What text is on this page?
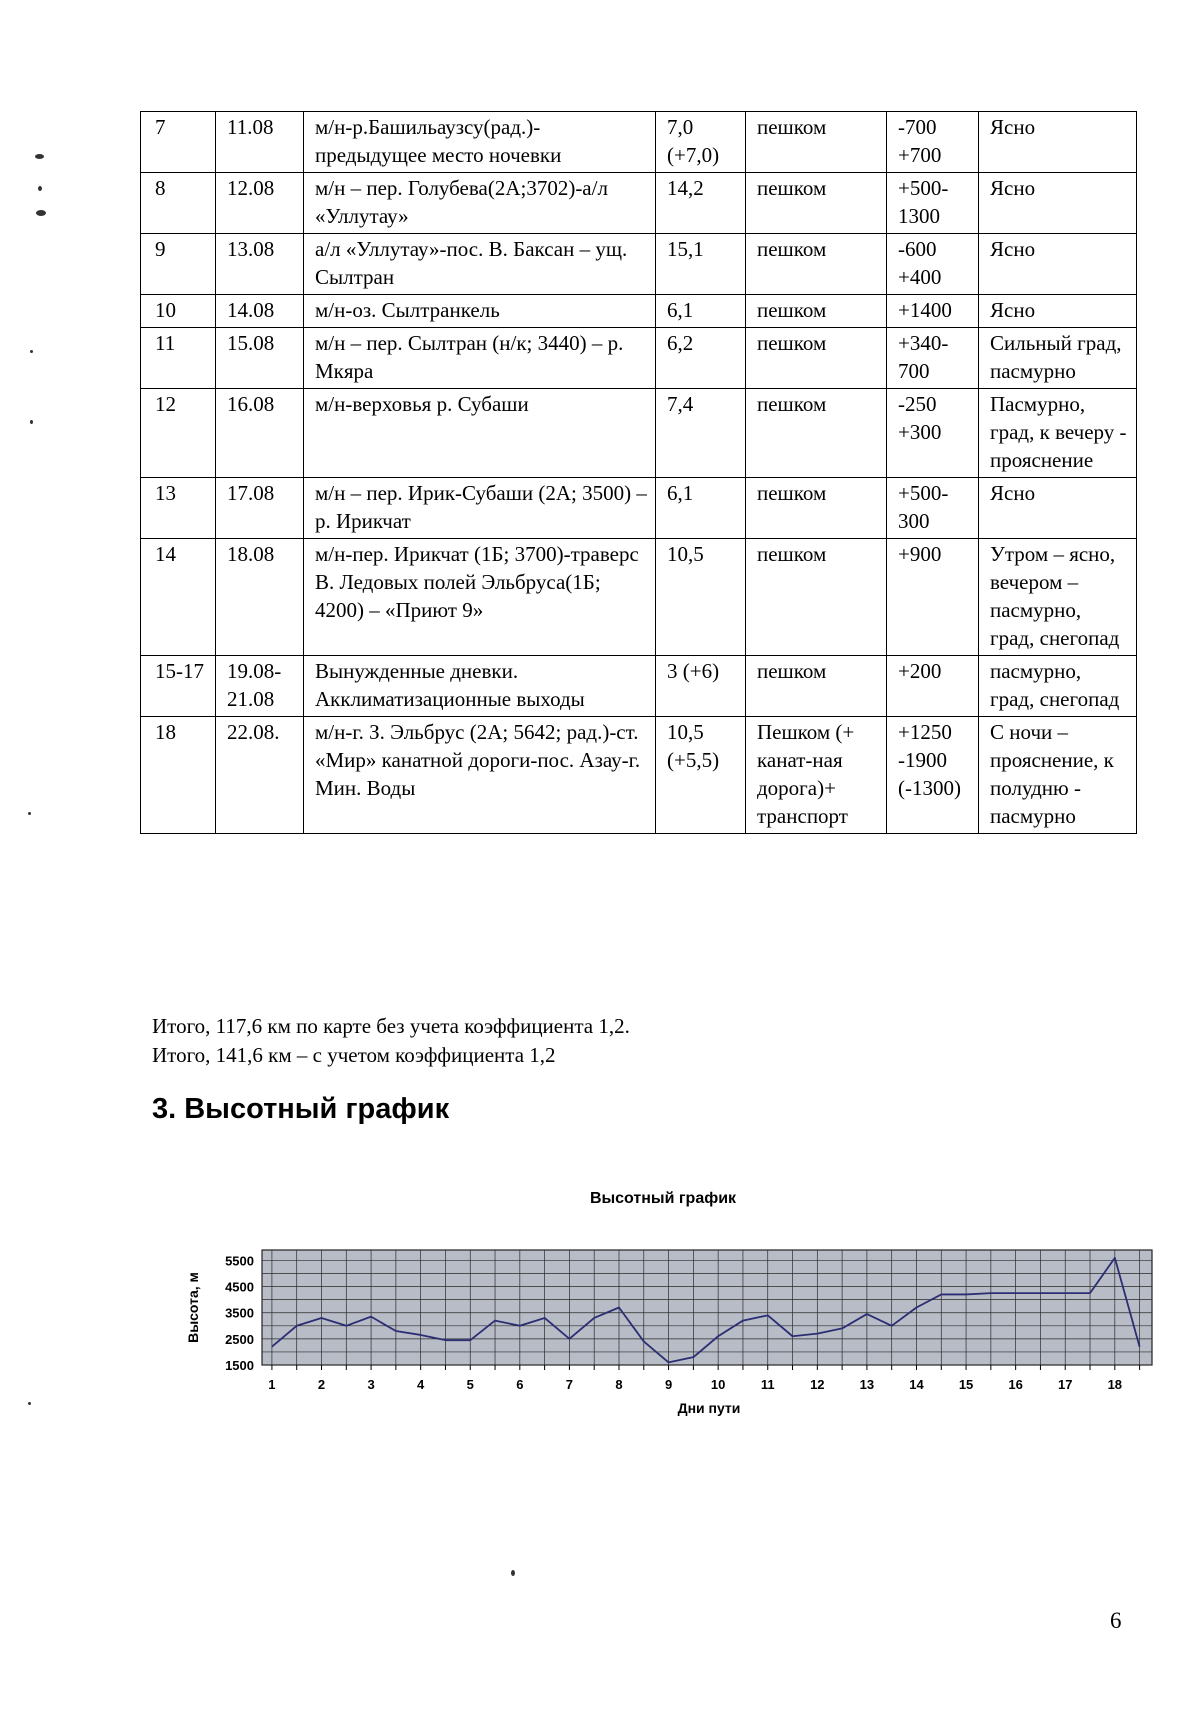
7	11.08	м/н-р.Башильаузсу(рад.)-предыдущее место ночевки	7,0 (+7,0)	пешком	-700 +700	Ясно
8	12.08	м/н – пер. Голубева(2А;3702)-а/л «Уллутау»	14,2	пешком	+500-1300	Ясно
9	13.08	а/л «Уллутау»-пос. В. Баксан – ущ. Сылтран	15,1	пешком	-600 +400	Ясно
10	14.08	м/н-оз. Сылтранкель	6,1	пешком	+1400	Ясно
11	15.08	м/н – пер. Сылтран (н/к; 3440) – р. Мкяра	6,2	пешком	+340-700	Сильный град, пасмурно
12	16.08	м/н-верховья р. Субаши	7,4	пешком	-250 +300	Пасмурно, град, к вечеру - прояснение
13	17.08	м/н – пер. Ирик-Субаши (2А; 3500) – р. Ирикчат	6,1	пешком	+500-300	Ясно
14	18.08	м/н-пер. Ирикчат (1Б; 3700)-траверс В. Ледовых полей Эльбруса(1Б; 4200) – «Приют 9»	10,5	пешком	+900	Утром – ясно, вечером – пасмурно, град, снегопад
15-17	19.08-21.08	Вынужденные дневки. Акклиматизационные выходы	3 (+6)	пешком	+200	пасмурно, град, снегопад
18	22.08.	м/н-г. З. Эльбрус (2А; 5642; рад.)-ст. «Мир» канатной дороги-пос. Азау-г. Мин. Воды	10,5 (+5,5)	Пешком (+ канат-ная дорога)+ транспорт	+1250 -1900 (-1300)	С ночи – прояснение, к полудню - пасмурно
Итого, 117,6 км по карте без учета коэффициента 1,2.
Итого, 141,6 км – с учетом коэффициента 1,2
3. Высотный график
Высотный график
1500
2500
3500
4500
5500
1	2	3	4	5	6	7	8	9	10	11	12	13	14	15	16	17	18
Дни пути
Высота, м
6
